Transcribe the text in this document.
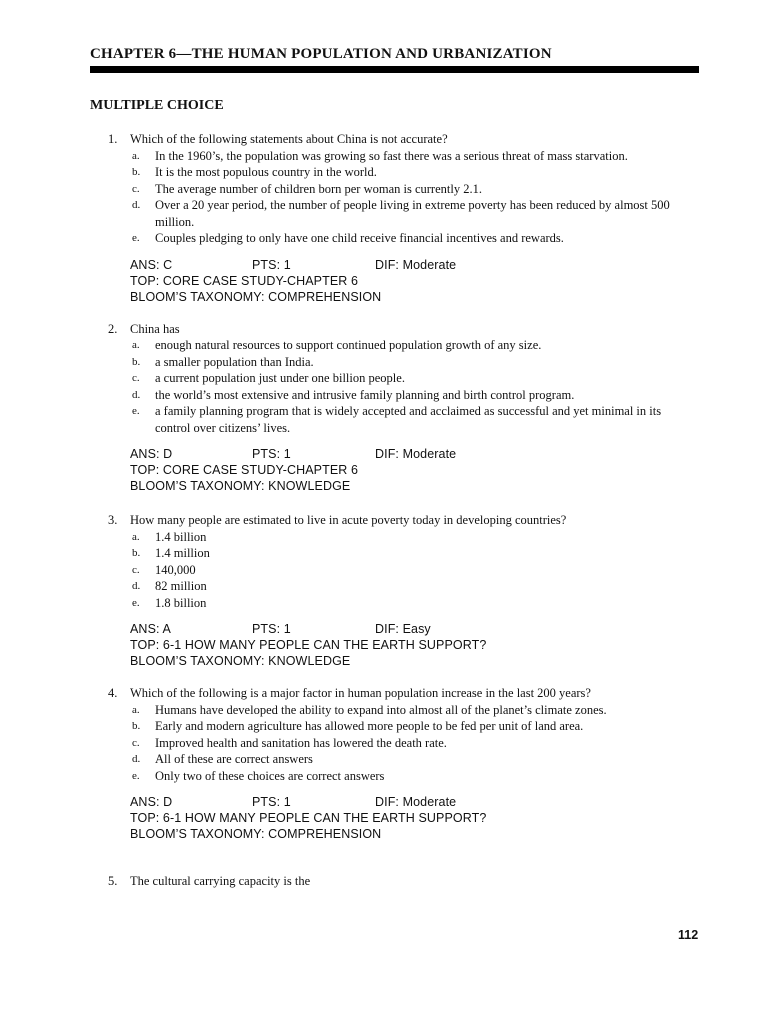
CHAPTER 6—THE HUMAN POPULATION AND URBANIZATION
MULTIPLE CHOICE
1. Which of the following statements about China is not accurate?
a. In the 1960’s, the population was growing so fast there was a serious threat of mass starvation.
b. It is the most populous country in the world.
c. The average number of children born per woman is currently 2.1.
d. Over a 20 year period, the number of people living in extreme poverty has been reduced by almost 500 million.
e. Couples pledging to only have one child receive financial incentives and rewards.
ANS: C	PTS: 1	DIF: Moderate
TOP: CORE CASE STUDY-CHAPTER 6
BLOOM’S TAXONOMY: COMPREHENSION
2. China has
a. enough natural resources to support continued population growth of any size.
b. a smaller population than India.
c. a current population just under one billion people.
d. the world’s most extensive and intrusive family planning and birth control program.
e. a family planning program that is widely accepted and acclaimed as successful and yet minimal in its control over citizens’ lives.
ANS: D	PTS: 1	DIF: Moderate
TOP: CORE CASE STUDY-CHAPTER 6
BLOOM’S TAXONOMY: KNOWLEDGE
3. How many people are estimated to live in acute poverty today in developing countries?
a. 1.4 billion
b. 1.4 million
c. 140,000
d. 82 million
e. 1.8 billion
ANS: A	PTS: 1	DIF: Easy
TOP: 6-1 HOW MANY PEOPLE CAN THE EARTH SUPPORT?
BLOOM’S TAXONOMY: KNOWLEDGE
4. Which of the following is a major factor in human population increase in the last 200 years?
a. Humans have developed the ability to expand into almost all of the planet’s climate zones.
b. Early and modern agriculture has allowed more people to be fed per unit of land area.
c. Improved health and sanitation has lowered the death rate.
d. All of these are correct answers
e. Only two of these choices are correct answers
ANS: D	PTS: 1	DIF: Moderate
TOP: 6-1 HOW MANY PEOPLE CAN THE EARTH SUPPORT?
BLOOM’S TAXONOMY: COMPREHENSION
5. The cultural carrying capacity is the
112
